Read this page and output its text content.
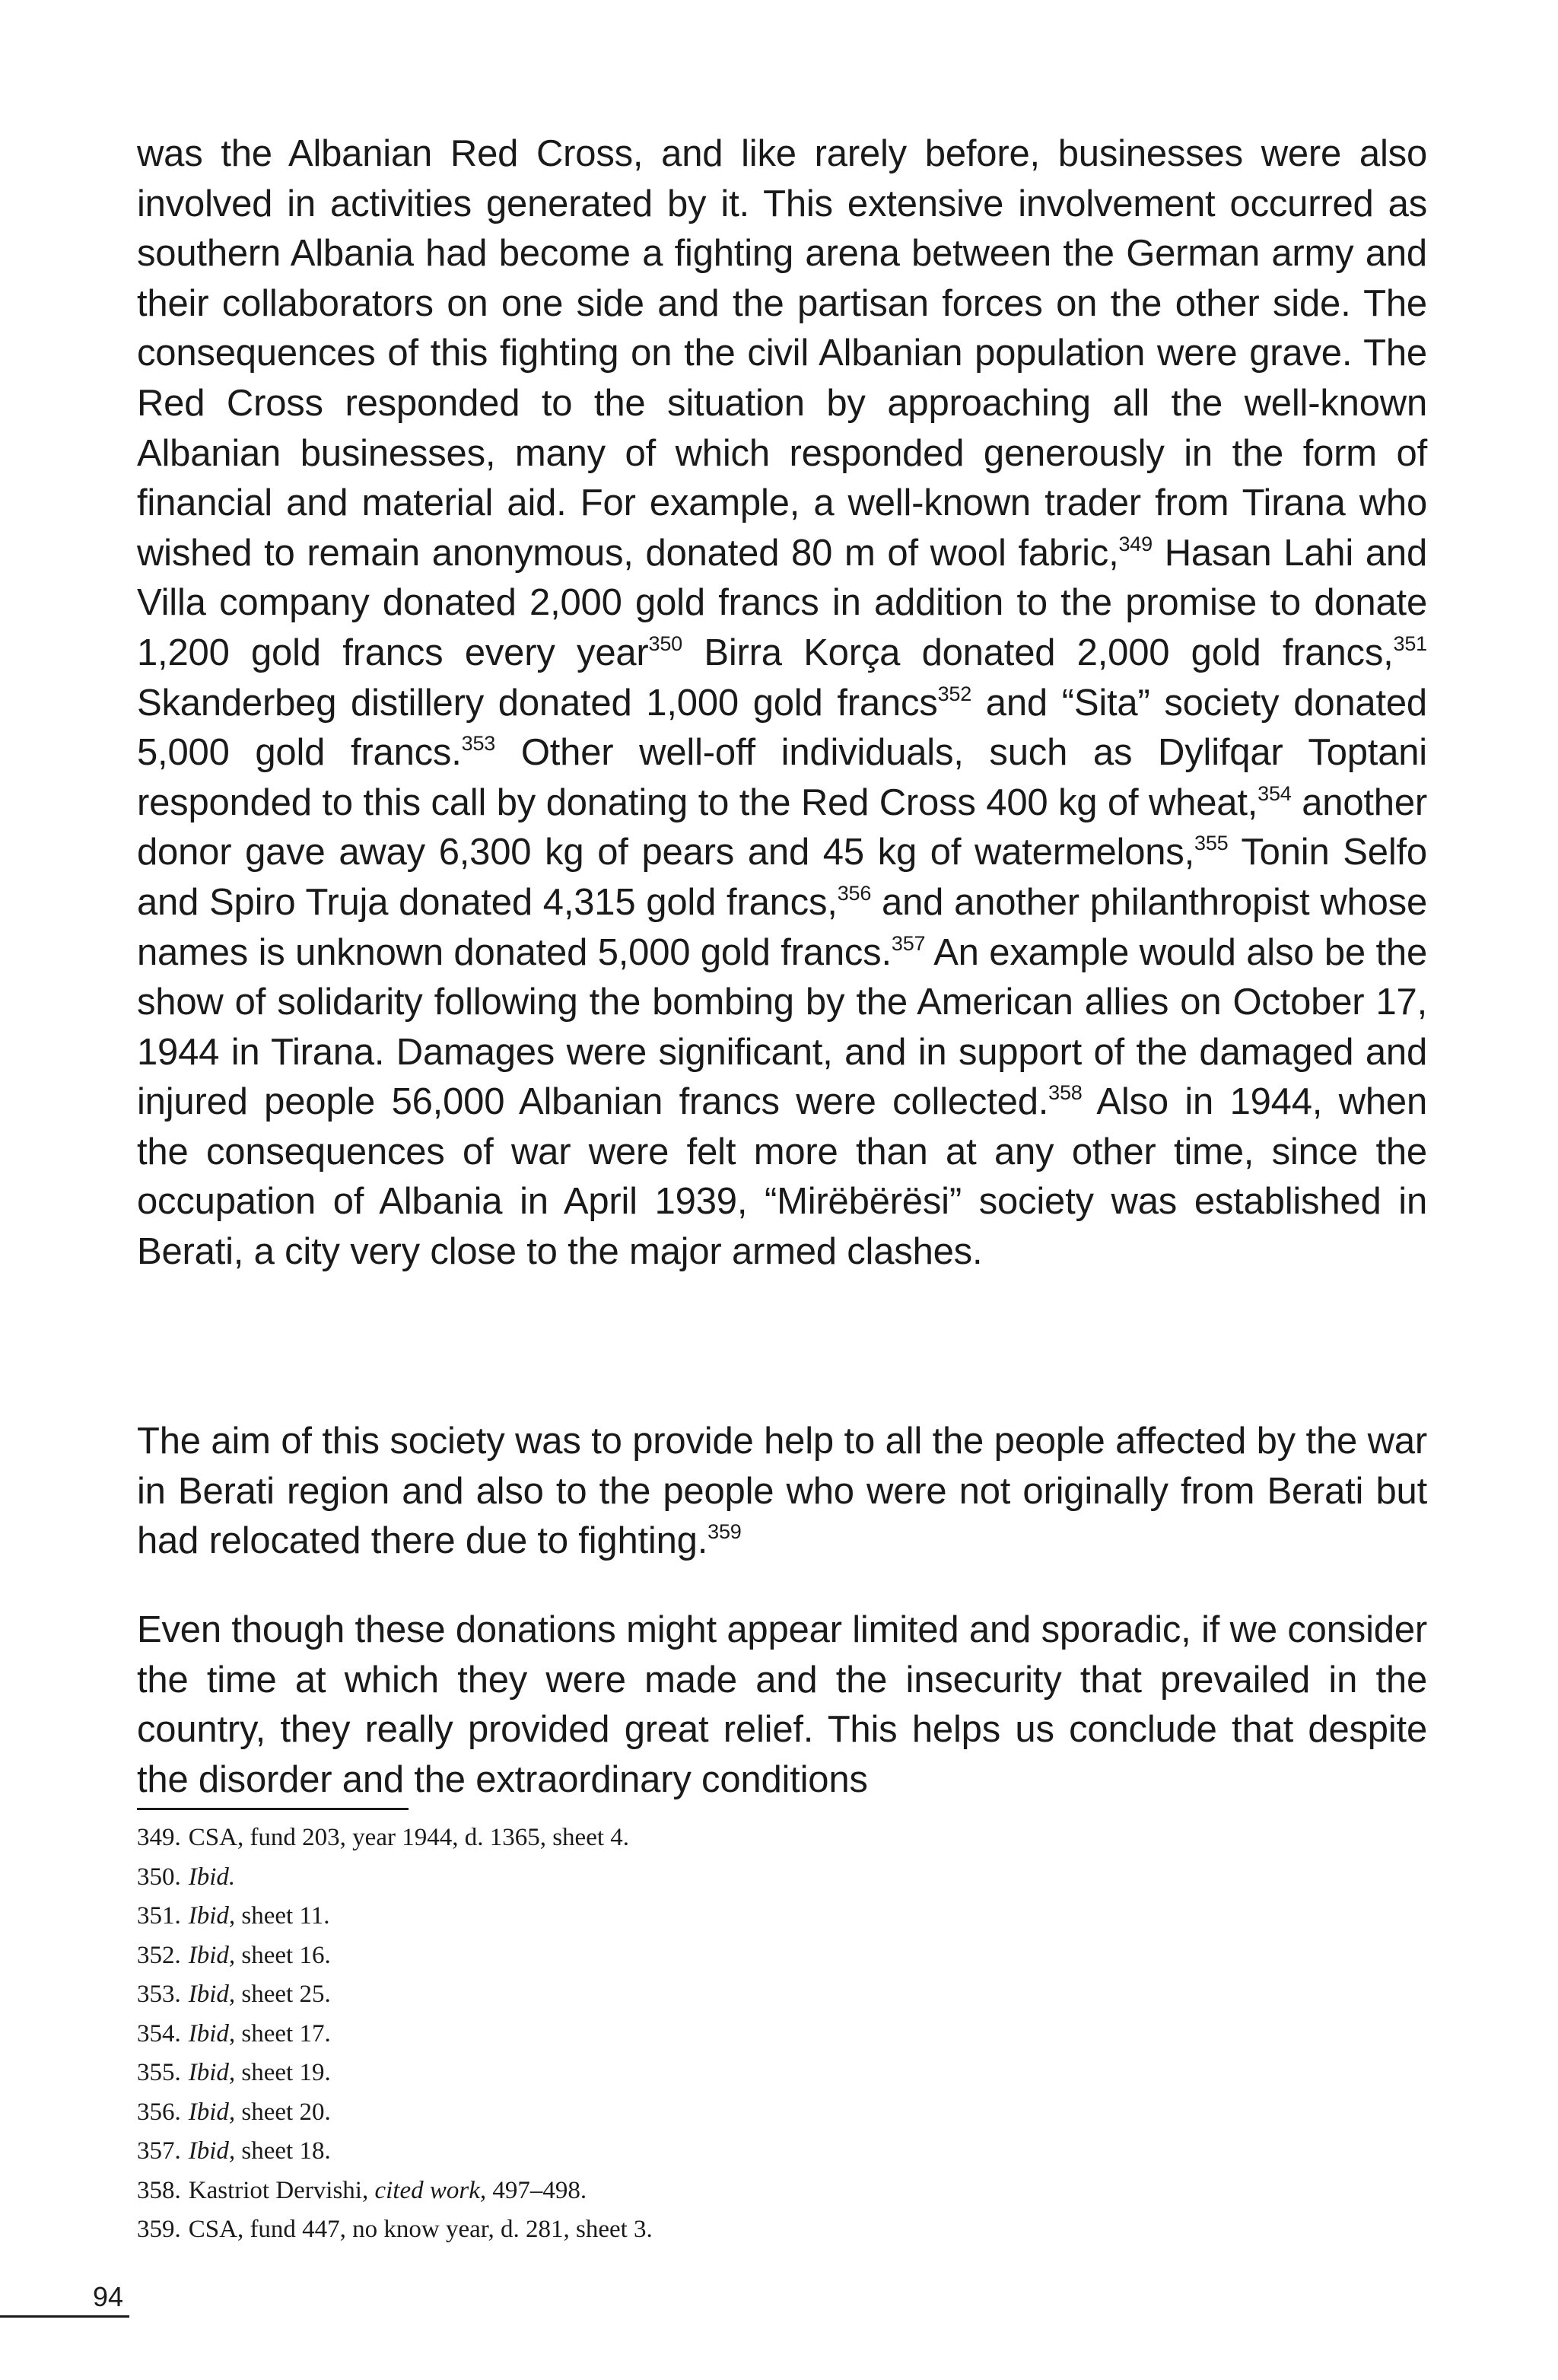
was the Albanian Red Cross, and like rarely before, businesses were also involved in activities generated by it. This extensive involvement occurred as southern Albania had become a fighting arena between the German army and their collaborators on one side and the partisan forces on the other side. The consequences of this fighting on the civil Albanian population were grave. The Red Cross responded to the situation by approaching all the well-known Albanian businesses, many of which responded generously in the form of financial and material aid. For example, a well-known trader from Tirana who wished to remain anonymous, donated 80 m of wool fabric,$^{349}$ Hasan Lahi and Villa company donated 2,000 gold francs in addition to the promise to donate 1,200 gold francs every year$^{350}$ Birra Korça donated 2,000 gold francs,$^{351}$ Skanderbeg distillery donated 1,000 gold francs$^{352}$ and “Sita” society donated 5,000 gold francs.$^{353}$ Other well-off individuals, such as Dylifqar Toptani responded to this call by donating to the Red Cross 400 kg of wheat,$^{354}$ another donor gave away 6,300 kg of pears and 45 kg of watermelons,$^{355}$ Tonin Selfo and Spiro Truja donated 4,315 gold francs,$^{356}$ and another philanthropist whose names is unknown donated 5,000 gold francs.$^{357}$ An example would also be the show of solidarity following the bombing by the American allies on October 17, 1944 in Tirana. Damages were significant, and in support of the damaged and injured people 56,000 Albanian francs were collected.$^{358}$ Also in 1944, when the consequences of war were felt more than at any other time, since the occupation of Albania in April 1939, “Mirëbërësi” society was established in Berati, a city very close to the major armed clashes.

The aim of this society was to provide help to all the people affected by the war in Berati region and also to the people who were not originally from Berati but had relocated there due to fighting.$^{359}$

Even though these donations might appear limited and sporadic, if we consider the time at which they were made and the insecurity that prevailed in the country, they really provided great relief. This helps us conclude that despite the disorder and the extraordinary conditions

349. CSA, fund 203, year 1944, d. 1365, sheet 4.
350. Ibid.
351. Ibid, sheet 11.
352. Ibid, sheet 16.
353. Ibid, sheet 25.
354. Ibid, sheet 17.
355. Ibid, sheet 19.
356. Ibid, sheet 20.
357. Ibid, sheet 18.
358. Kastriot Dervishi, cited work, 497–498.
359. CSA, fund 447, no know year, d. 281, sheet 3.
94
